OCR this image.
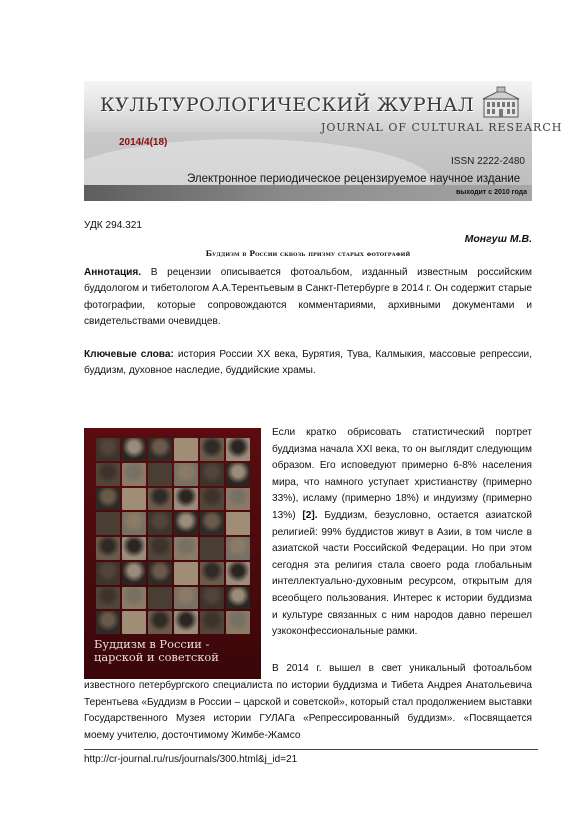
КУЛЬТУРОЛОГИЧЕСКИЙ ЖУРНАЛ
JOURNAL OF CULTURAL RESEARCH
2014/4(18)
ISSN 2222-2480
Электронное периодическое рецензируемое научное издание
выходит с 2010 года
УДК 294.321
Монгуш М.В.
Буддизм в России сквозь призму старых фотографий
Аннотация. В рецензии описывается фотоальбом, изданный известным российским буддологом и тибетологом А.А.Терентьевым в Санкт-Петербурге в 2014 г. Он содержит старые фотографии, которые сопровождаются комментариями, архивными документами и свидетельствами очевидцев.
Ключевые слова: история России XX века, Бурятия, Тува, Калмыкия, массовые репрессии, буддизм, духовное наследие, буддийские храмы.
Буддизм в России -
царской и советской
Если кратко обрисовать статистический портрет буддизма начала XXI века, то он выглядит следующим образом. Его исповедуют примерно 6-8% населения мира, что намного уступает христианству (примерно 33%), исламу (примерно 18%) и индуизму (примерно 13%) [2]. Буддизм, безусловно, остается азиатской религией: 99% буддистов живут в Азии, в том числе в азиатской части Российской Федерации. Но при этом сегодня эта религия стала своего рода глобальным интеллектуально-духовным ресурсом, открытым для всеобщего пользования. Интерес к истории буддизма и культуре связанных с ним народов давно перешел узкоконфессиональные рамки.
В 2014 г. вышел в свет уникальный фотоальбом известного петербургского специалиста по истории буддизма и Тибета Андрея Анатольевича Терентьева «Буддизм в России – царской и советской», который стал продолжением выставки Государственного Музея истории ГУЛАГа «Репрессированный буддизм». «Посвящается моему учителю, досточтимому Жимбе-Жамсо
http://cr-journal.ru/rus/journals/300.html&j_id=21
